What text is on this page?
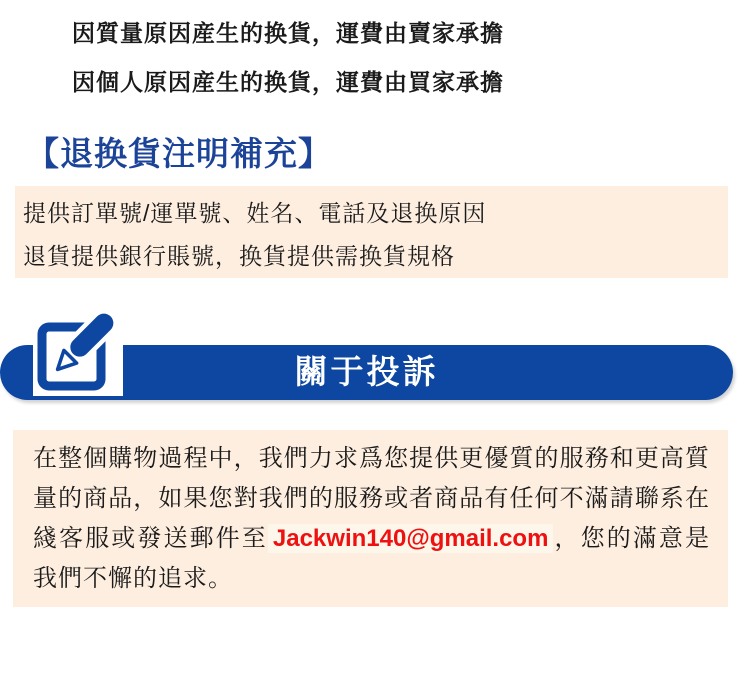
因質量原因産生的换貨，運費由賣家承擔
因個人原因産生的换貨，運費由買家承擔
【退换貨注明補充】

提供訂單號/運單號、姓名、電話及退换原因

退貨提供銀行賬號，换貨提供需换貨規格

關于投訴

在整個購物過程中，我們力求爲您提供更優質的服務和更高質量的商品，如果您對我們的服務或者商品有任何不滿請聯系在綫客服或發送郵件至 Jackwin140@gmail.com ，您的滿意是我們不懈的追求。
